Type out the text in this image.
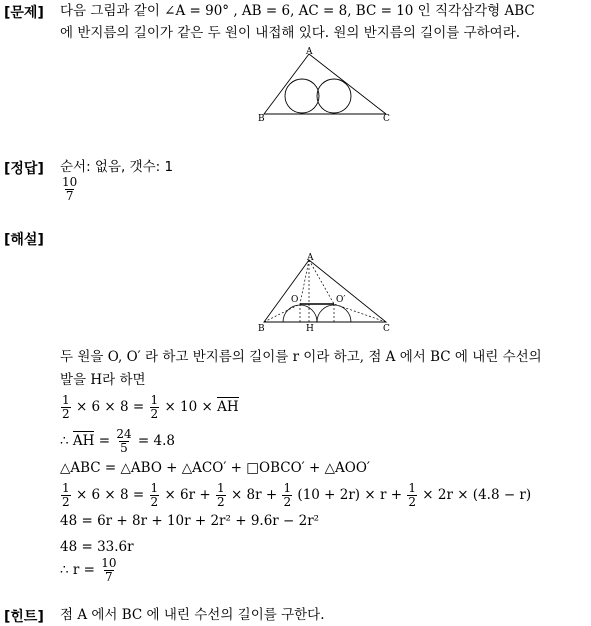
[문제] 다음 그림과 같이 ∠A = 90° , AB = 6, AC = 8, BC = 10 인 직각삼각형 ABC
에 반지름의 길이가 같은 두 원이 내접해 있다. 원의 반지름의 길이를 구하여라.
A
B	C
[정답] 순서: 없음, 갯수: 1
$\frac{10}{7}$
[해설]
A
B	C
H
O	O′
두 원을 O, O′ 라 하고 반지름의 길이를 r 이라 하고, 점 A 에서 BC 에 내린 수선의
발을 H라 하면
$\frac{1}{2} \times 6 \times 8 = \frac{1}{2} \times 10$ × AH
∴ AH = $\frac{24}{5} = 4.8$
△ABC = △ABO + △ACO′ + □OBCO′ + △AOO′
$\frac{1}{2} \times 6 \times 8 = \frac{1}{2} \times 6r + \frac{1}{2} \times 8r + \frac{1}{2} (10 + 2r) \times r + \frac{1}{2} \times 2r \times (4.8 - r)$
48 = 6r + 8r + 10r + 2r² + 9.6r − 2r²
48 = 33.6r
∴ $r = \frac{10}{7}$
[힌트] 점 A 에서 BC 에 내린 수선의 길이를 구한다.
